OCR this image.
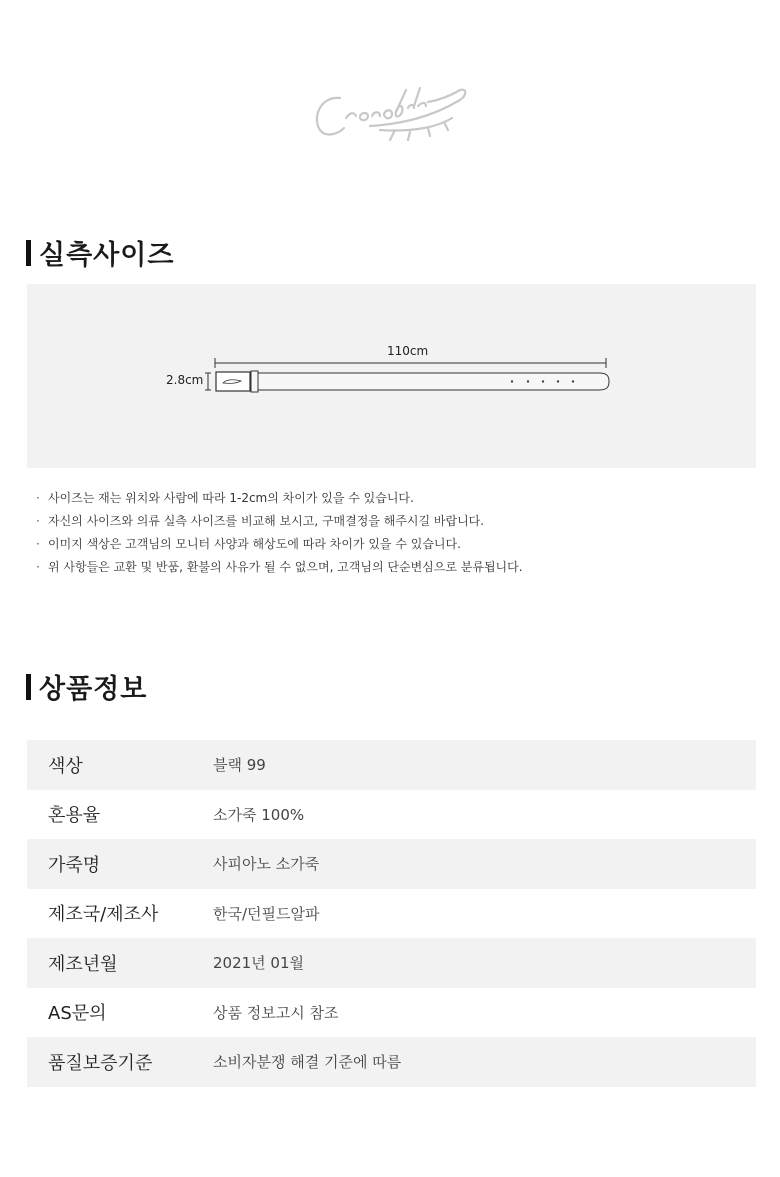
실측사이즈
110cm
2.8cm
· 사이즈는 재는 위치와 사람에 따라 1-2cm의 차이가 있을 수 있습니다.
· 자신의 사이즈와 의류 실측 사이즈를 비교해 보시고, 구매결정을 해주시길 바랍니다.
· 이미지 색상은 고객님의 모니터 사양과 해상도에 따라 차이가 있을 수 있습니다.
· 위 사항들은 교환 및 반품, 환불의 사유가 될 수 없으며, 고객님의 단순변심으로 분류됩니다.
상품정보
색상	블랙 99
혼용율	소가죽 100%
가죽명	사피아노 소가죽
제조국/제조사	한국/던필드알파
제조년월	2021년 01월
AS문의	상품 정보고시 참조
품질보증기준	소비자분쟁 해결 기준에 따름
